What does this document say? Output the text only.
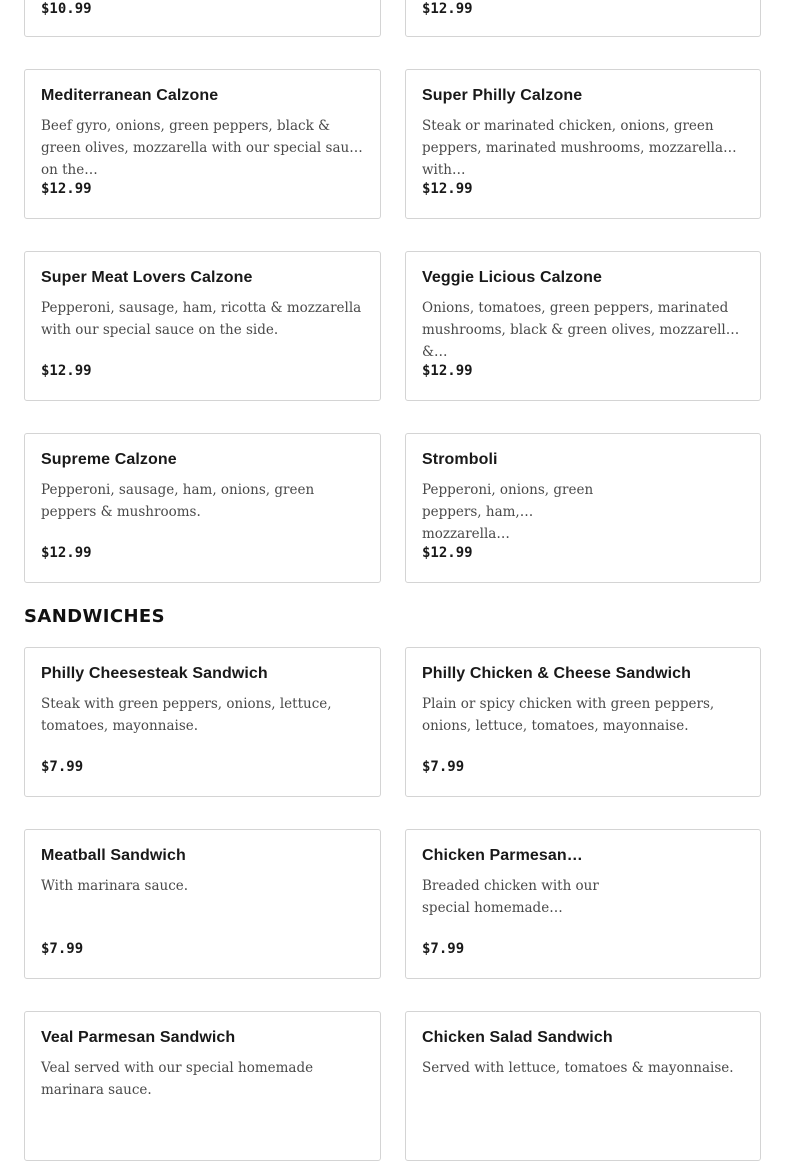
$10.99	$12.99
Mediterranean Calzone
Beef gyro, onions, green peppers, black & green olives, mozzarella with our special sauce on the…
$12.99
Super Philly Calzone
Steak or marinated chicken, onions, green peppers, marinated mushrooms, mozzarella with…
$12.99
Super Meat Lovers Calzone
Pepperoni, sausage, ham, ricotta & mozzarella with our special sauce on the side.
$12.99
Veggie Licious Calzone
Onions, tomatoes, green peppers, marinated mushrooms, black & green olives, mozzarella &…
$12.99
Supreme Calzone
Pepperoni, sausage, ham, onions, green peppers & mushrooms.
$12.99
Stromboli
Pepperoni, onions, green peppers, ham, mozzarella…
$12.99
SANDWICHES
Philly Cheesesteak Sandwich
Steak with green peppers, onions, lettuce, tomatoes, mayonnaise.
$7.99
Philly Chicken & Cheese Sandwich
Plain or spicy chicken with green peppers, onions, lettuce, tomatoes, mayonnaise.
$7.99
Meatball Sandwich
With marinara sauce.
$7.99
Chicken Parmesan…
Breaded chicken with our special homemade…
$7.99
Veal Parmesan Sandwich
Veal served with our special homemade marinara sauce.
Chicken Salad Sandwich
Served with lettuce, tomatoes & mayonnaise.
